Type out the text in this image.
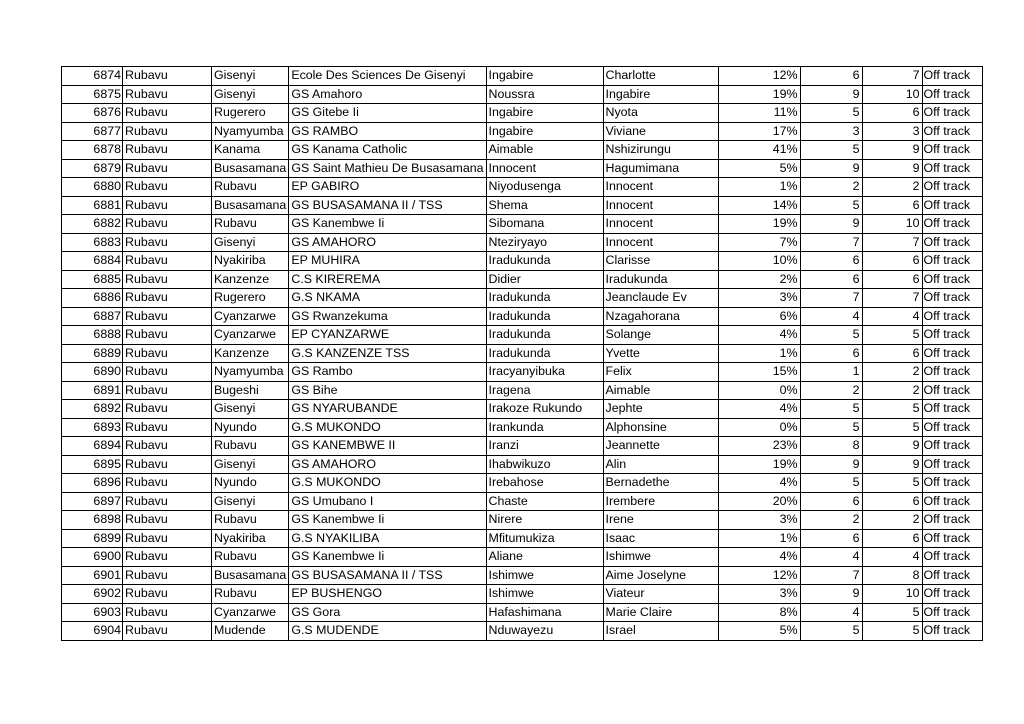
6874	Rubavu	Gisenyi	Ecole Des Sciences De Gisenyi	Ingabire	Charlotte	12%	6	7	Off track
6875	Rubavu	Gisenyi	GS Amahoro	Noussra	Ingabire	19%	9	10	Off track
6876	Rubavu	Rugerero	GS Gitebe Ii	Ingabire	Nyota	11%	5	6	Off track
6877	Rubavu	Nyamyumba	GS RAMBO	Ingabire	Viviane	17%	3	3	Off track
6878	Rubavu	Kanama	GS Kanama Catholic	Aimable	Nshizirungu	41%	5	9	Off track
6879	Rubavu	Busasamana	GS Saint Mathieu De Busasamana	Innocent	Hagumimana	5%	9	9	Off track
6880	Rubavu	Rubavu	EP GABIRO	Niyodusenga	Innocent	1%	2	2	Off track
6881	Rubavu	Busasamana	GS BUSASAMANA II / TSS	Shema	Innocent	14%	5	6	Off track
6882	Rubavu	Rubavu	GS Kanembwe Ii	Sibomana	Innocent	19%	9	10	Off track
6883	Rubavu	Gisenyi	GS AMAHORO	Nteziryayo	Innocent	7%	7	7	Off track
6884	Rubavu	Nyakiriba	EP MUHIRA	Iradukunda	Clarisse	10%	6	6	Off track
6885	Rubavu	Kanzenze	C.S KIREREMA	Didier	Iradukunda	2%	6	6	Off track
6886	Rubavu	Rugerero	G.S NKAMA	Iradukunda	Jeanclaude Ev	3%	7	7	Off track
6887	Rubavu	Cyanzarwe	GS Rwanzekuma	Iradukunda	Nzagahorana	6%	4	4	Off track
6888	Rubavu	Cyanzarwe	EP CYANZARWE	Iradukunda	Solange	4%	5	5	Off track
6889	Rubavu	Kanzenze	G.S KANZENZE TSS	Iradukunda	Yvette	1%	6	6	Off track
6890	Rubavu	Nyamyumba	GS Rambo	Iracyanyibuka	Felix	15%	1	2	Off track
6891	Rubavu	Bugeshi	GS Bihe	Iragena	Aimable	0%	2	2	Off track
6892	Rubavu	Gisenyi	GS NYARUBANDE	Irakoze Rukundo	Jephte	4%	5	5	Off track
6893	Rubavu	Nyundo	G.S MUKONDO	Irankunda	Alphonsine	0%	5	5	Off track
6894	Rubavu	Rubavu	GS KANEMBWE II	Iranzi	Jeannette	23%	8	9	Off track
6895	Rubavu	Gisenyi	GS AMAHORO	Ihabwikuzo	Alin	19%	9	9	Off track
6896	Rubavu	Nyundo	G.S MUKONDO	Irebahose	Bernadethe	4%	5	5	Off track
6897	Rubavu	Gisenyi	GS Umubano I	Chaste	Irembere	20%	6	6	Off track
6898	Rubavu	Rubavu	GS Kanembwe Ii	Nirere	Irene	3%	2	2	Off track
6899	Rubavu	Nyakiriba	G.S NYAKILIBA	Mfitumukiza	Isaac	1%	6	6	Off track
6900	Rubavu	Rubavu	GS Kanembwe Ii	Aliane	Ishimwe	4%	4	4	Off track
6901	Rubavu	Busasamana	GS BUSASAMANA II / TSS	Ishimwe	Aime Joselyne	12%	7	8	Off track
6902	Rubavu	Rubavu	EP BUSHENGO	Ishimwe	Viateur	3%	9	10	Off track
6903	Rubavu	Cyanzarwe	GS Gora	Hafashimana	Marie Claire	8%	4	5	Off track
6904	Rubavu	Mudende	G.S MUDENDE	Nduwayezu	Israel	5%	5	5	Off track
